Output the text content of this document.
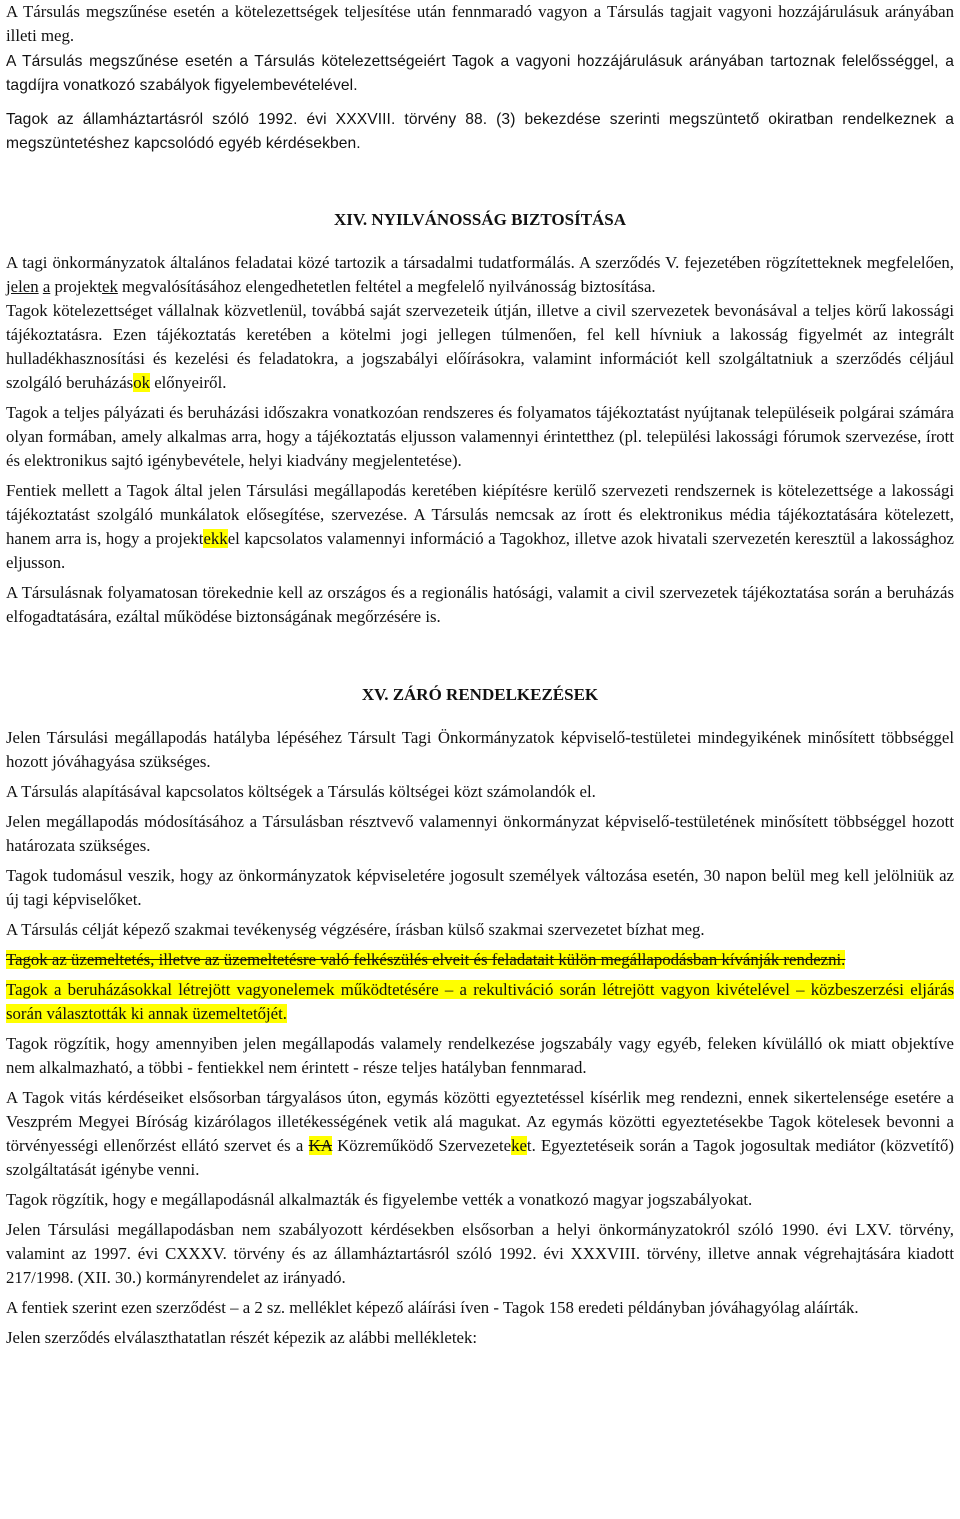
A Társulás megszűnése esetén a kötelezettségek teljesítése után fennmaradó vagyon a Társulás tagjait vagyoni hozzájárulásuk arányában illeti meg.

A Társulás megszűnése esetén a Társulás kötelezettségeiért Tagok a vagyoni hozzájárulásuk arányában tartoznak felelősséggel, a tagdíjra vonatkozó szabályok figyelembevételével.

Tagok az államháztartásról szóló 1992. évi XXXVIII. törvény 88. (3) bekezdése szerinti megszüntető okiratban rendelkeznek a megszüntetéshez kapcsolódó egyéb kérdésekben.

XIV. NYILVÁNOSSÁG BIZTOSÍTÁSA

A tagi önkormányzatok általános feladatai közé tartozik a társadalmi tudatformálás. A szerződés V. fejezetében rögzítetteknek megfelelően, jelen a projektek megvalósításához elengedhetetlen feltétel a megfelelő nyilvánosság biztosítása.

Tagok kötelezettséget vállalnak közvetlenül, továbbá saját szervezeteik útján, illetve a civil szervezetek bevonásával a teljes körű lakossági tájékoztatásra. Ezen tájékoztatás keretében a kötelmi jogi jellegen túlmenően, fel kell hívniuk a lakosság figyelmét az integrált hulladékhasznosítási és kezelési és feladatokra, a jogszabályi előírásokra, valamint információt kell szolgáltatniuk a szerződés céljául szolgáló beruházások előnyeiről.

Tagok a teljes pályázati és beruházási időszakra vonatkozóan rendszeres és folyamatos tájékoztatást nyújtanak településeik polgárai számára olyan formában, amely alkalmas arra, hogy a tájékoztatás eljusson valamennyi érintetthez (pl. települési lakossági fórumok szervezése, írott és elektronikus sajtó igénybevétele, helyi kiadvány megjelentetése).

Fentiek mellett a Tagok által jelen Társulási megállapodás keretében kiépítésre kerülő szervezeti rendszernek is kötelezettsége a lakossági tájékoztatást szolgáló munkálatok elősegítése, szervezése. A Társulás nemcsak az írott és elektronikus média tájékoztatására kötelezett, hanem arra is, hogy a projektekkel kapcsolatos valamennyi információ a Tagokhoz, illetve azok hivatali szervezetén keresztül a lakossághoz eljusson.

A Társulásnak folyamatosan törekednie kell az országos és a regionális hatósági, valamit a civil szervezetek tájékoztatása során a beruházás elfogadtatására, ezáltal működése biztonságának megőrzésére is.

XV. ZÁRÓ RENDELKEZÉSEK

Jelen Társulási megállapodás hatályba lépéséhez Társult Tagi Önkormányzatok képviselő-testületei mindegyikének minősített többséggel hozott jóváhagyása szükséges.

A Társulás alapításával kapcsolatos költségek a Társulás költségei közt számolandók el.

Jelen megállapodás módosításához a Társulásban résztvevő valamennyi önkormányzat képviselő-testületének minősített többséggel hozott határozata szükséges.

Tagok tudomásul veszik, hogy az önkormányzatok képviseletére jogosult személyek változása esetén, 30 napon belül meg kell jelölniük az új tagi képviselőket.

A Társulás célját képező szakmai tevékenység végzésére, írásban külső szakmai szervezetet bízhat meg.

Tagok az üzemeltetés, illetve az üzemeltetésre való felkészülés elveit és feladatait külön megállapodásban kívánják rendezni.

Tagok a beruházásokkal létrejött vagyonelemek működtetésére – a rekultiváció során létrejött vagyon kivételével – közbeszerzési eljárás során választották ki annak üzemeltetőjét.

Tagok rögzítik, hogy amennyiben jelen megállapodás valamely rendelkezése jogszabály vagy egyéb, feleken kívülálló ok miatt objektíve nem alkalmazható, a többi - fentiekkel nem érintett - része teljes hatályban fennmarad.

A Tagok vitás kérdéseiket elsősorban tárgyalásos úton, egymás közötti egyeztetéssel kísérlik meg rendezni, ennek sikertelensége esetére a Veszprém Megyei Bíróság kizárólagos illetékességének vetik alá magukat. Az egymás közötti egyeztetésekbe Tagok kötelesek bevonni a törvényességi ellenőrzést ellátó szervet és a KA Közreműködő Szervezeteket. Egyeztetéseik során a Tagok jogosultak mediátor (közvetítő) szolgáltatását igénybe venni.

Tagok rögzítik, hogy e megállapodásnál alkalmazták és figyelembe vették a vonatkozó magyar jogszabályokat.

Jelen Társulási megállapodásban nem szabályozott kérdésekben elsősorban a helyi önkormányzatokról szóló 1990. évi LXV. törvény, valamint az 1997. évi CXXXV. törvény és az államháztartásról szóló 1992. évi XXXVIII. törvény, illetve annak végrehajtására kiadott 217/1998. (XII. 30.) kormányrendelet az irányadó.

A fentiek szerint ezen szerződést – a 2 sz. melléklet képező aláírási íven - Tagok 158 eredeti példányban jóváhagyólag aláírták.

Jelen szerződés elválaszthatatlan részét képezik az alábbi mellékletek:
